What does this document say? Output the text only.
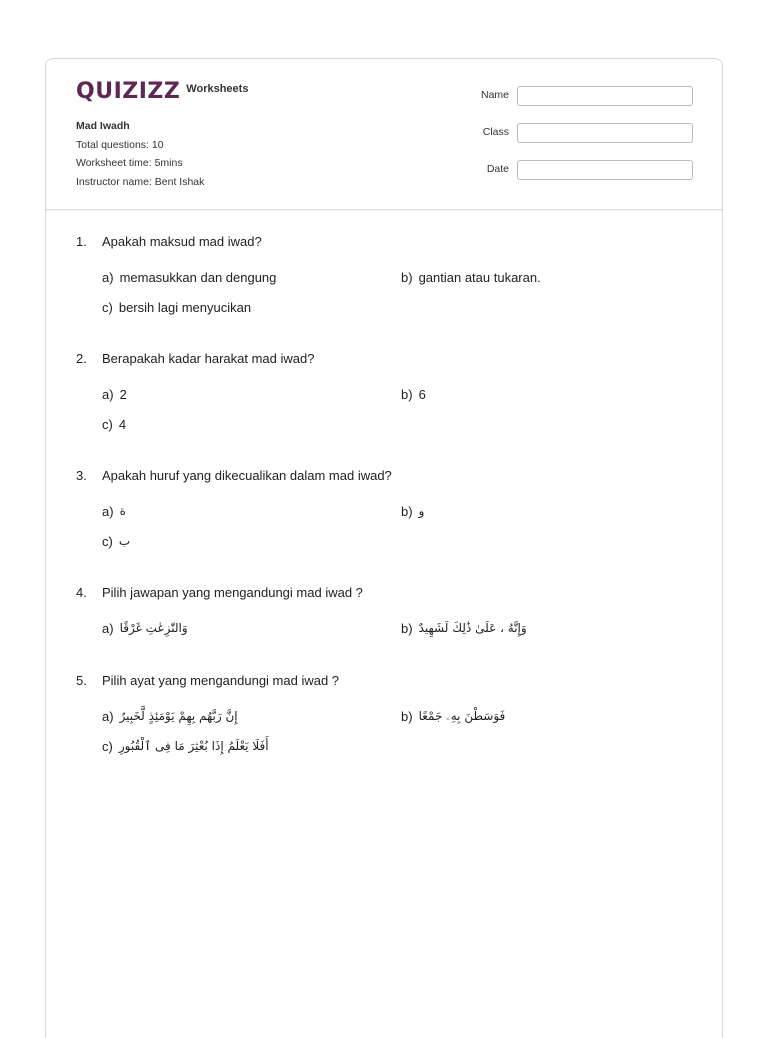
QUIZIZZ Worksheets
Mad Iwadh
Total questions: 10
Worksheet time: 5mins
Instructor name: Bent Ishak
Name
Class
Date
1.	Apakah maksud mad iwad?
a) memasukkan dan dengung	b) gantian atau tukaran.
c) bersih lagi menyucikan
2.	Berapakah kadar harakat mad iwad?
a) 2	b) 6
c) 4
3.	Apakah huruf yang dikecualikan dalam mad iwad?
a) ة	b) و
c) ب
4.	Pilih jawapan yang mengandungi mad iwad ?
a) وَالنّٰزِعٰتِ غَرْقًا	b) وَإِنَّهُ ، عَلَىٰ ذَٰلِكَ لَشَهِيدٌ
5.	Pilih ayat yang mengandungi mad iwad ?
a) إِنَّ رَبَّهُم بِهِمْ يَوْمَئِذٍ لَّخَبِيرٌ	b) فَوَسَطْنَ بِهِۦ جَمْعًا
c) أَفَلَا يَعْلَمُ إِذَا بُعْثِرَ مَا فِى ٱلْقُبُورِ
